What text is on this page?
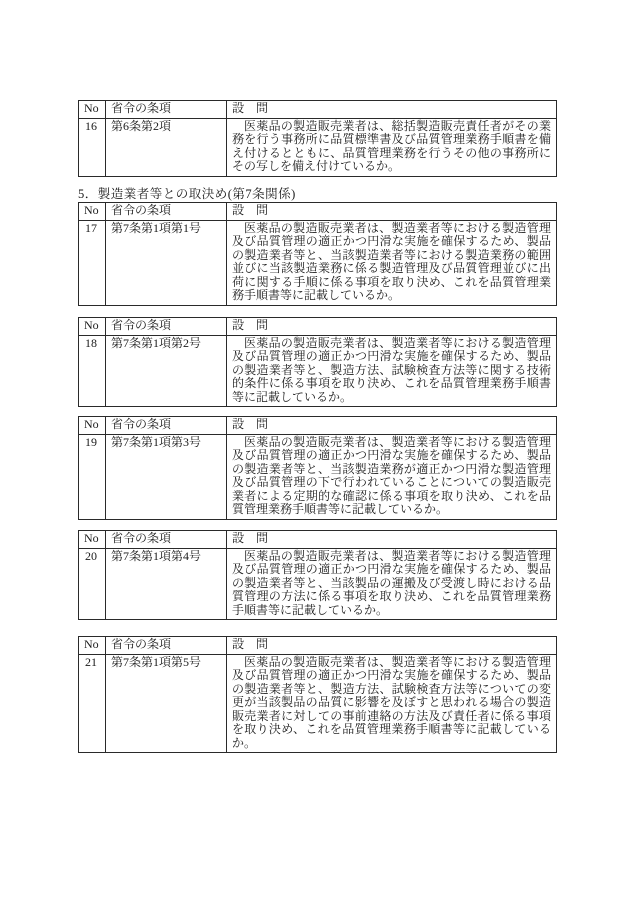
No	省令の条項	設　問
16	第6条第2項	医薬品の製造販売業者は、総括製造販売責任者がその業務を行う事務所に品質標準書及び品質管理業務手順書を備え付けるとともに、品質管理業務を行うその他の事務所にその写しを備え付けているか。
5．製造業者等との取決め(第7条関係)
No	省令の条項	設　問
17	第7条第1項第1号	医薬品の製造販売業者は、製造業者等における製造管理及び品質管理の適正かつ円滑な実施を確保するため、製品の製造業者等と、当該製造業者等における製造業務の範囲並びに当該製造業務に係る製造管理及び品質管理並びに出荷に関する手順に係る事項を取り決め、これを品質管理業務手順書等に記載しているか。
No	省令の条項	設　問
18	第7条第1項第2号	医薬品の製造販売業者は、製造業者等における製造管理及び品質管理の適正かつ円滑な実施を確保するため、製品の製造業者等と、製造方法、試験検査方法等に関する技術的条件に係る事項を取り決め、これを品質管理業務手順書等に記載しているか。
No	省令の条項	設　問
19	第7条第1項第3号	医薬品の製造販売業者は、製造業者等における製造管理及び品質管理の適正かつ円滑な実施を確保するため、製品の製造業者等と、当該製造業務が適正かつ円滑な製造管理及び品質管理の下で行われていることについての製造販売業者による定期的な確認に係る事項を取り決め、これを品質管理業務手順書等に記載しているか。
No	省令の条項	設　問
20	第7条第1項第4号	医薬品の製造販売業者は、製造業者等における製造管理及び品質管理の適正かつ円滑な実施を確保するため、製品の製造業者等と、当該製品の運搬及び受渡し時における品質管理の方法に係る事項を取り決め、これを品質管理業務手順書等に記載しているか。
No	省令の条項	設　問
21	第7条第1項第5号	医薬品の製造販売業者は、製造業者等における製造管理及び品質管理の適正かつ円滑な実施を確保するため、製品の製造業者等と、製造方法、試験検査方法等についての変更が当該製品の品質に影響を及ぼすと思われる場合の製造販売業者に対しての事前連絡の方法及び責任者に係る事項を取り決め、これを品質管理業務手順書等に記載しているか。
